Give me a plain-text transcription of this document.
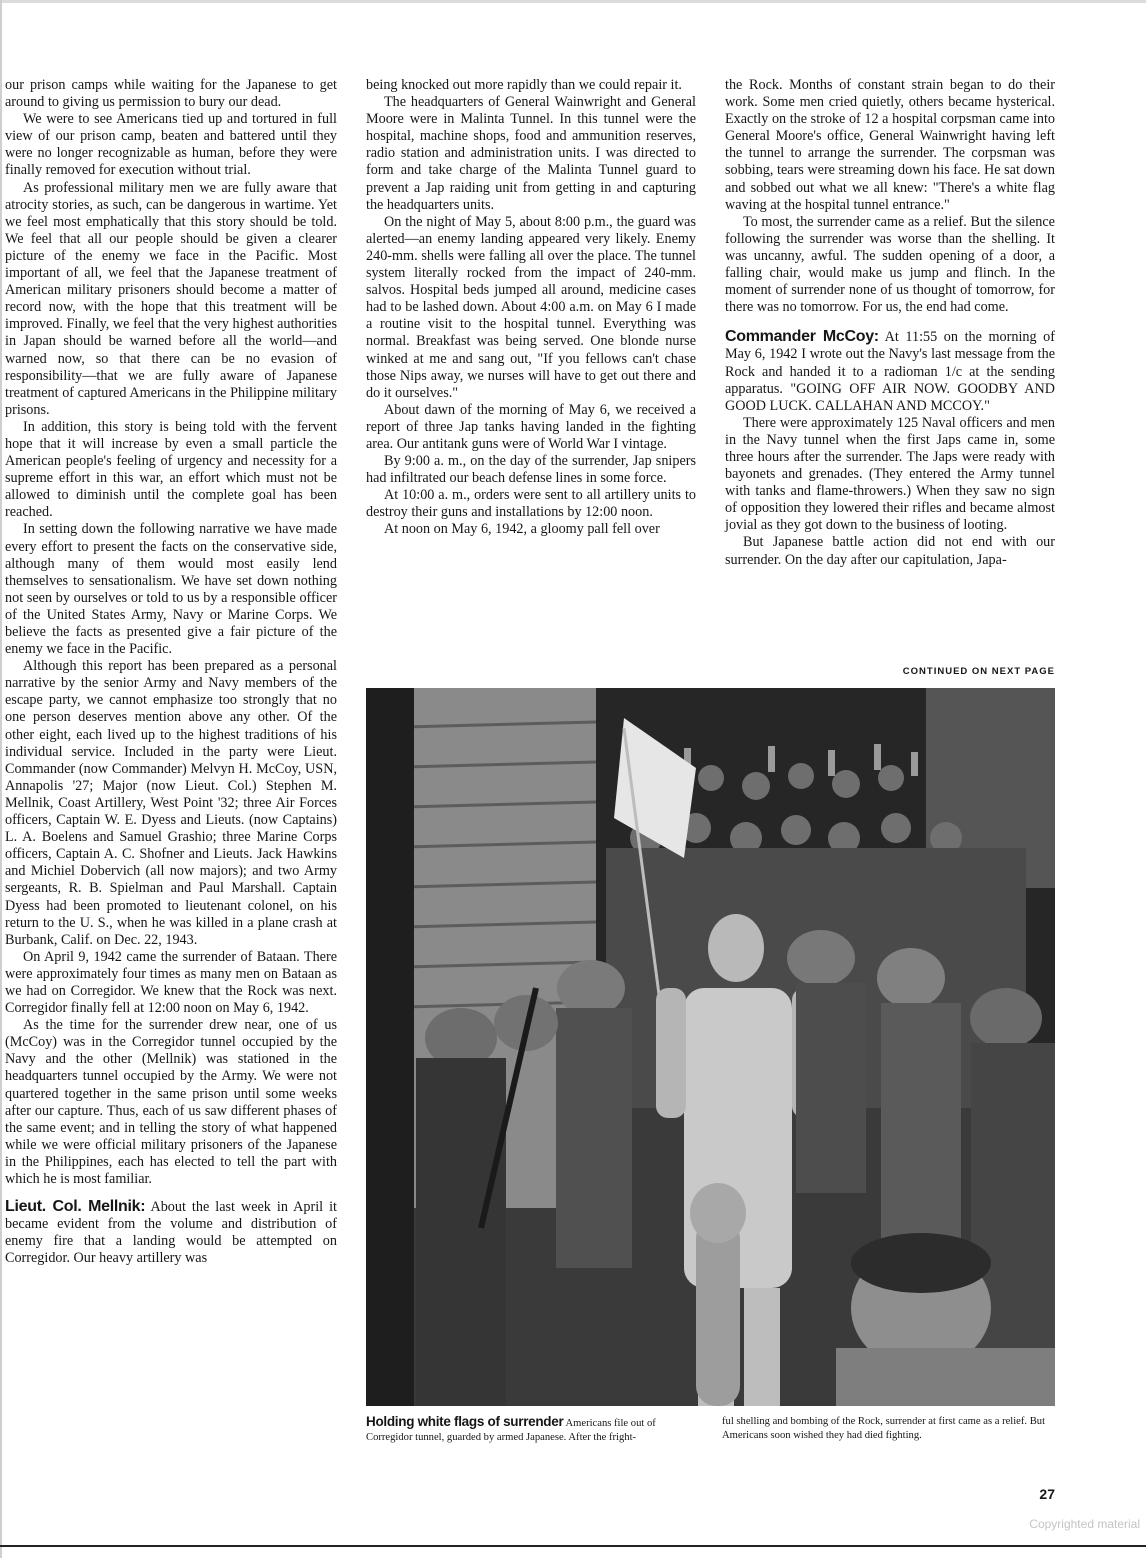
our prison camps while waiting for the Japanese to get around to giving us permission to bury our dead.

We were to see Americans tied up and tortured in full view of our prison camp, beaten and battered until they were no longer recognizable as human, before they were finally removed for execution without trial.

As professional military men we are fully aware that atrocity stories, as such, can be dangerous in wartime. Yet we feel most emphatically that this story should be told. We feel that all our people should be given a clearer picture of the enemy we face in the Pacific. Most important of all, we feel that the Japanese treatment of American military prisoners should become a matter of record now, with the hope that this treatment will be improved. Finally, we feel that the very highest authorities in Japan should be warned before all the world—and warned now, so that there can be no evasion of responsibility—that we are fully aware of Japanese treatment of captured Americans in the Philippine military prisons.

In addition, this story is being told with the fervent hope that it will increase by even a small particle the American people's feeling of urgency and necessity for a supreme effort in this war, an effort which must not be allowed to diminish until the complete goal has been reached.

In setting down the following narrative we have made every effort to present the facts on the conservative side, although many of them would most easily lend themselves to sensationalism. We have set down nothing not seen by ourselves or told to us by a responsible officer of the United States Army, Navy or Marine Corps. We believe the facts as presented give a fair picture of the enemy we face in the Pacific.

Although this report has been prepared as a personal narrative by the senior Army and Navy members of the escape party, we cannot emphasize too strongly that no one person deserves mention above any other. Of the other eight, each lived up to the highest traditions of his individual service. Included in the party were Lieut. Commander (now Commander) Melvyn H. McCoy, USN, Annapolis '27; Major (now Lieut. Col.) Stephen M. Mellnik, Coast Artillery, West Point '32; three Air Forces officers, Captain W. E. Dyess and Lieuts. (now Captains) L. A. Boelens and Samuel Grashio; three Marine Corps officers, Captain A. C. Shofner and Lieuts. Jack Hawkins and Michiel Dobervich (all now majors); and two Army sergeants, R. B. Spielman and Paul Marshall. Captain Dyess had been promoted to lieutenant colonel, on his return to the U. S., when he was killed in a plane crash at Burbank, Calif. on Dec. 22, 1943.

On April 9, 1942 came the surrender of Bataan. There were approximately four times as many men on Bataan as we had on Corregidor. We knew that the Rock was next. Corregidor finally fell at 12:00 noon on May 6, 1942.

As the time for the surrender drew near, one of us (McCoy) was in the Corregidor tunnel occupied by the Navy and the other (Mellnik) was stationed in the headquarters tunnel occupied by the Army. We were not quartered together in the same prison until some weeks after our capture. Thus, each of us saw different phases of the same event; and in telling the story of what happened while we were official military prisoners of the Japanese in the Philippines, each has elected to tell the part with which he is most familiar.

Lieut. Col. Mellnik: About the last week in April it became evident from the volume and distribution of enemy fire that a landing would be attempted on Corregidor. Our heavy artillery was

being knocked out more rapidly than we could repair it.

The headquarters of General Wainwright and General Moore were in Malinta Tunnel. In this tunnel were the hospital, machine shops, food and ammunition reserves, radio station and administration units. I was directed to form and take charge of the Malinta Tunnel guard to prevent a Jap raiding unit from getting in and capturing the headquarters units.

On the night of May 5, about 8:00 p.m., the guard was alerted—an enemy landing appeared very likely. Enemy 240-mm. shells were falling all over the place. The tunnel system literally rocked from the impact of 240-mm. salvos. Hospital beds jumped all around, medicine cases had to be lashed down. About 4:00 a.m. on May 6 I made a routine visit to the hospital tunnel. Everything was normal. Breakfast was being served. One blonde nurse winked at me and sang out, "If you fellows can't chase those Nips away, we nurses will have to get out there and do it ourselves."

About dawn of the morning of May 6, we received a report of three Jap tanks having landed in the fighting area. Our antitank guns were of World War I vintage.

By 9:00 a. m., on the day of the surrender, Jap snipers had infiltrated our beach defense lines in some force.

At 10:00 a. m., orders were sent to all artillery units to destroy their guns and installations by 12:00 noon.

At noon on May 6, 1942, a gloomy pall fell over

the Rock. Months of constant strain began to do their work. Some men cried quietly, others became hysterical. Exactly on the stroke of 12 a hospital corpsman came into General Moore's office, General Wainwright having left the tunnel to arrange the surrender. The corpsman was sobbing, tears were streaming down his face. He sat down and sobbed out what we all knew: "There's a white flag waving at the hospital tunnel entrance."

To most, the surrender came as a relief. But the silence following the surrender was worse than the shelling. It was uncanny, awful. The sudden opening of a door, a falling chair, would make us jump and flinch. In the moment of surrender none of us thought of tomorrow, for there was no tomorrow. For us, the end had come.

Commander McCoy: At 11:55 on the morning of May 6, 1942 I wrote out the Navy's last message from the Rock and handed it to a radioman 1/c at the sending apparatus. "GOING OFF AIR NOW. GOODBY AND GOOD LUCK. CALLAHAN AND MCCOY."

There were approximately 125 Naval officers and men in the Navy tunnel when the first Japs came in, some three hours after the surrender. The Japs were ready with bayonets and grenades. (They entered the Army tunnel with tanks and flame-throwers.) When they saw no sign of opposition they lowered their rifles and became almost jovial as they got down to the business of looting.

But Japanese battle action did not end with our surrender. On the day after our capitulation, Japa-

CONTINUED ON NEXT PAGE
Holding white flags of surrender Americans file out of Corregidor tunnel, guarded by armed Japanese. After the fright-
ful shelling and bombing of the Rock, surrender at first came as a relief. But Americans soon wished they had died fighting.
27
Copyrighted material
